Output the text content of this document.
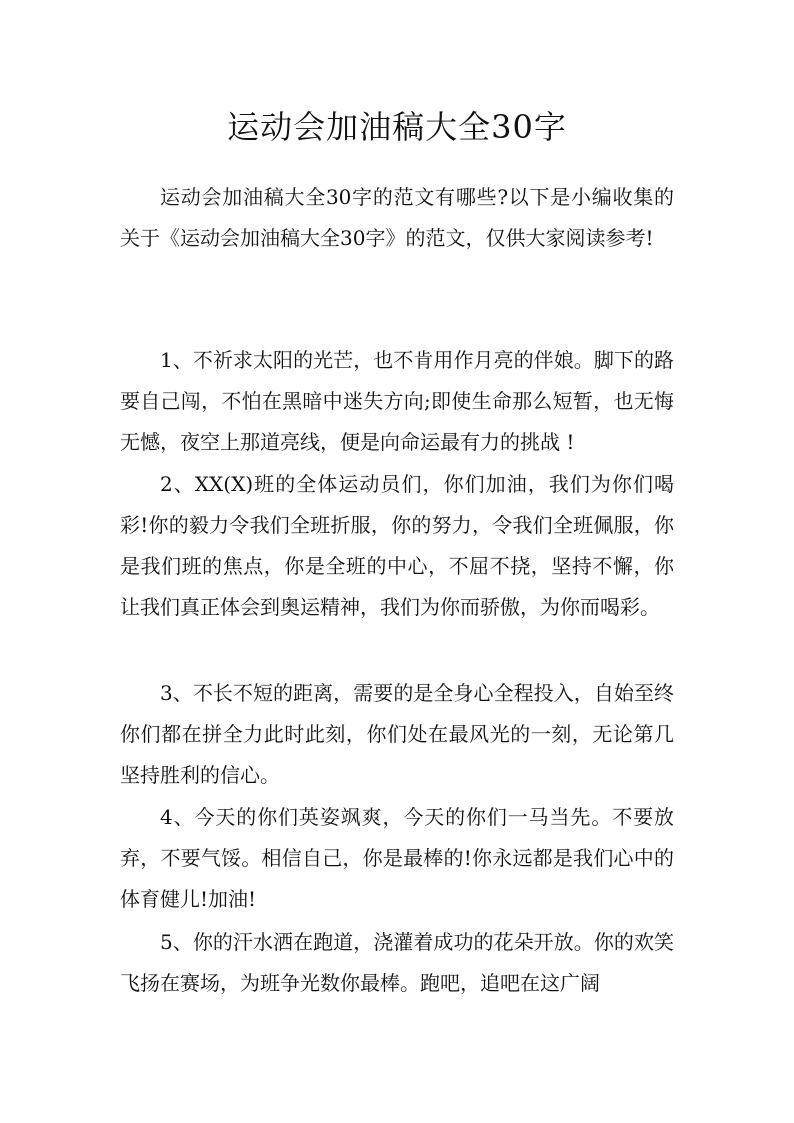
运动会加油稿大全30字

运动会加油稿大全30字的范文有哪些?以下是小编收集的关于《运动会加油稿大全30字》的范文，仅供大家阅读参考!

1、不祈求太阳的光芒，也不肯用作月亮的伴娘。脚下的路要自己闯，不怕在黑暗中迷失方向;即使生命那么短暂，也无悔无憾，夜空上那道亮线，便是向命运最有力的挑战 !

2、XX(X)班的全体运动员们，你们加油，我们为你们喝彩!你的毅力令我们全班折服，你的努力，令我们全班佩服，你是我们班的焦点，你是全班的中心，不屈不挠，坚持不懈，你让我们真正体会到奥运精神，我们为你而骄傲，为你而喝彩。

3、不长不短的距离，需要的是全身心全程投入，自始至终你们都在拼全力此时此刻，你们处在最风光的一刻，无论第几坚持胜利的信心。

4、今天的你们英姿飒爽，今天的你们一马当先。不要放弃，不要气馁。相信自己，你是最棒的!你永远都是我们心中的体育健儿!加油!

5、你的汗水洒在跑道，浇灌着成功的花朵开放。你的欢笑飞扬在赛场，为班争光数你最棒。跑吧，追吧在这广阔
